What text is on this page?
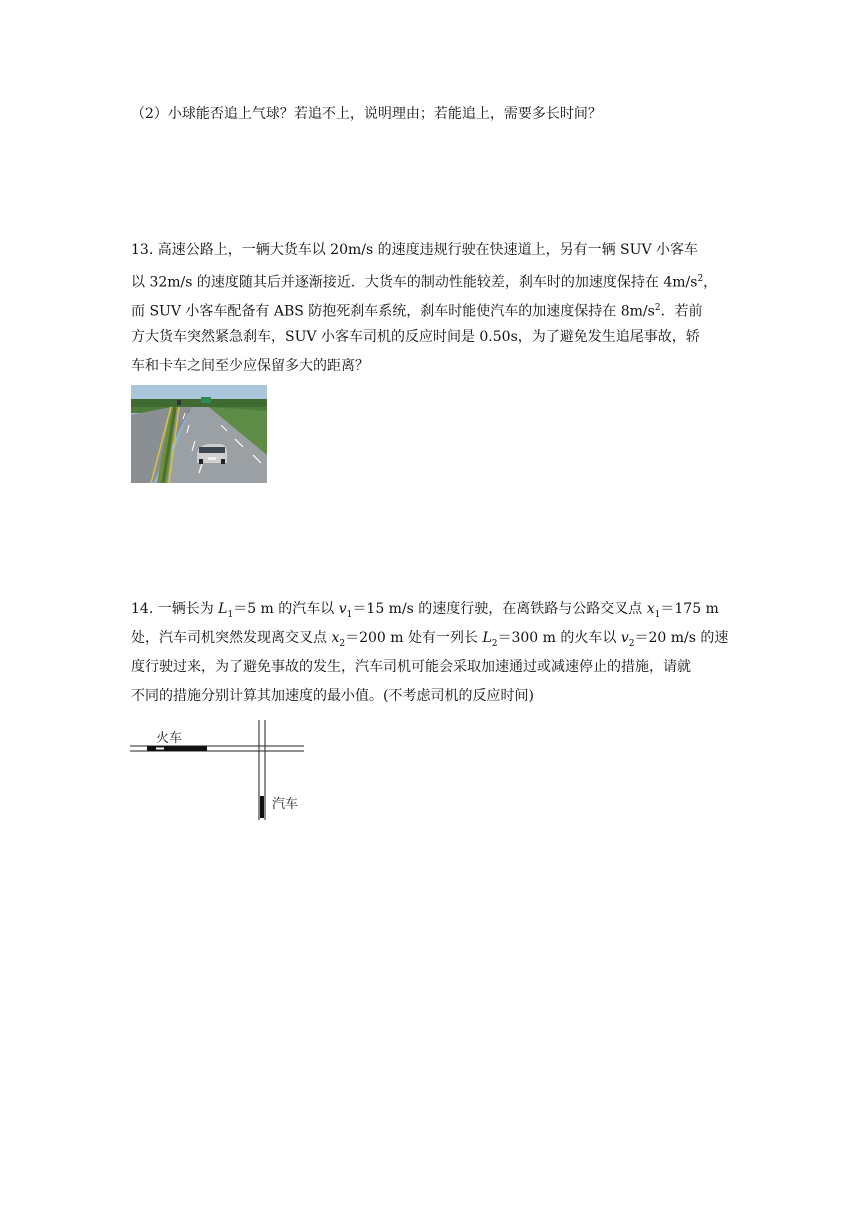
（2）小球能否追上气球？若追不上，说明理由；若能追上，需要多长时间？
13. 高速公路上，一辆大货车以 20m/s 的速度违规行驶在快速道上，另有一辆 SUV 小客车
以 32m/s 的速度随其后并逐渐接近．大货车的制动性能较差，刹车时的加速度保持在 $4m/s^2$，
而 SUV 小客车配备有 ABS 防抱死刹车系统，刹车时能使汽车的加速度保持在 $8m/s^2$．若前
方大货车突然紧急刹车，SUV 小客车司机的反应时间是 0.50s，为了避免发生追尾事故，轿
车和卡车之间至少应保留多大的距离？
14. 一辆长为 $L_1=5$ m 的汽车以 $v_1=15$ m/s 的速度行驶，在离铁路与公路交叉点 $x_1=175$ m
处，汽车司机突然发现离交叉点 $x_2=200$ m 处有一列长 $L_2=300$ m 的火车以 $v_2=20$ m/s 的速
度行驶过来，为了避免事故的发生，汽车司机可能会采取加速通过或减速停止的措施，请就
不同的措施分别计算其加速度的最小值。(不考虑司机的反应时间)
火车
汽车
